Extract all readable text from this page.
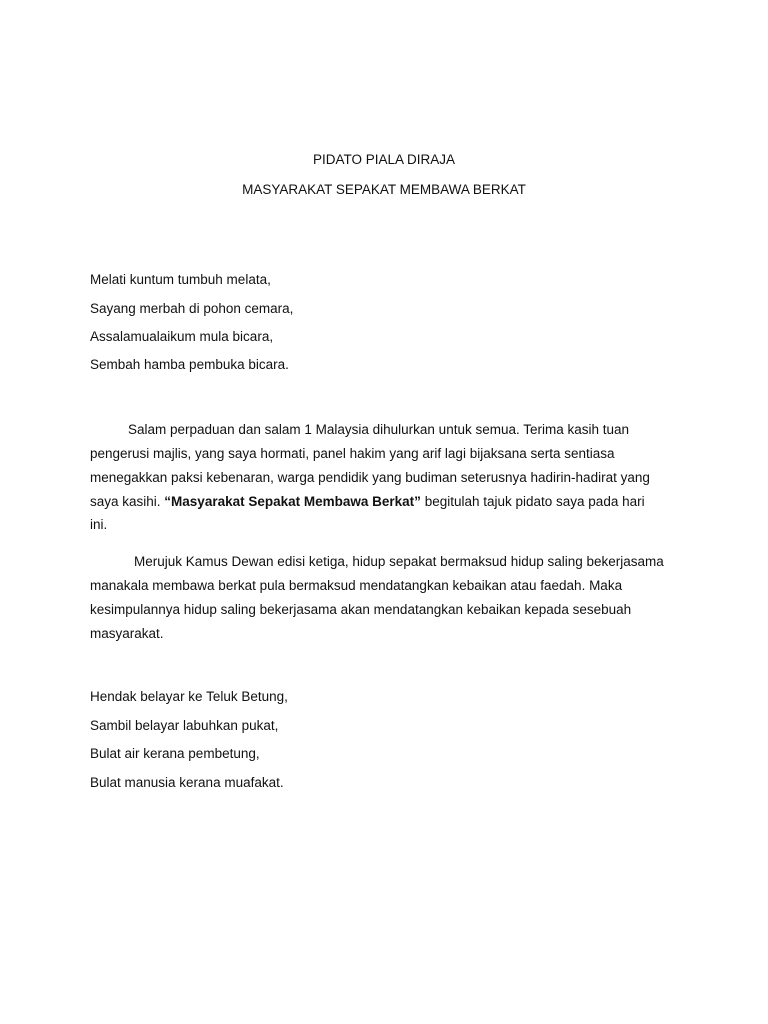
PIDATO PIALA DIRAJA
MASYARAKAT SEPAKAT MEMBAWA BERKAT
Melati kuntum tumbuh melata,
Sayang merbah di pohon cemara,
Assalamualaikum mula bicara,
Sembah hamba pembuka bicara.
Salam perpaduan dan salam 1 Malaysia dihulurkan untuk semua. Terima kasih tuan
pengerusi majlis, yang saya hormati, panel hakim yang arif lagi bijaksana serta sentiasa
menegakkan paksi kebenaran, warga pendidik yang budiman seterusnya hadirin-hadirat yang
saya kasihi. “Masyarakat Sepakat Membawa Berkat” begitulah tajuk pidato saya pada hari
ini.
Merujuk Kamus Dewan edisi ketiga, hidup sepakat bermaksud hidup saling bekerjasama
manakala membawa berkat pula bermaksud mendatangkan kebaikan atau faedah. Maka
kesimpulannya hidup saling bekerjasama akan mendatangkan kebaikan kepada sesebuah
masyarakat.
Hendak belayar ke Teluk Betung,
Sambil belayar labuhkan pukat,
Bulat air kerana pembetung,
Bulat manusia kerana muafakat.
